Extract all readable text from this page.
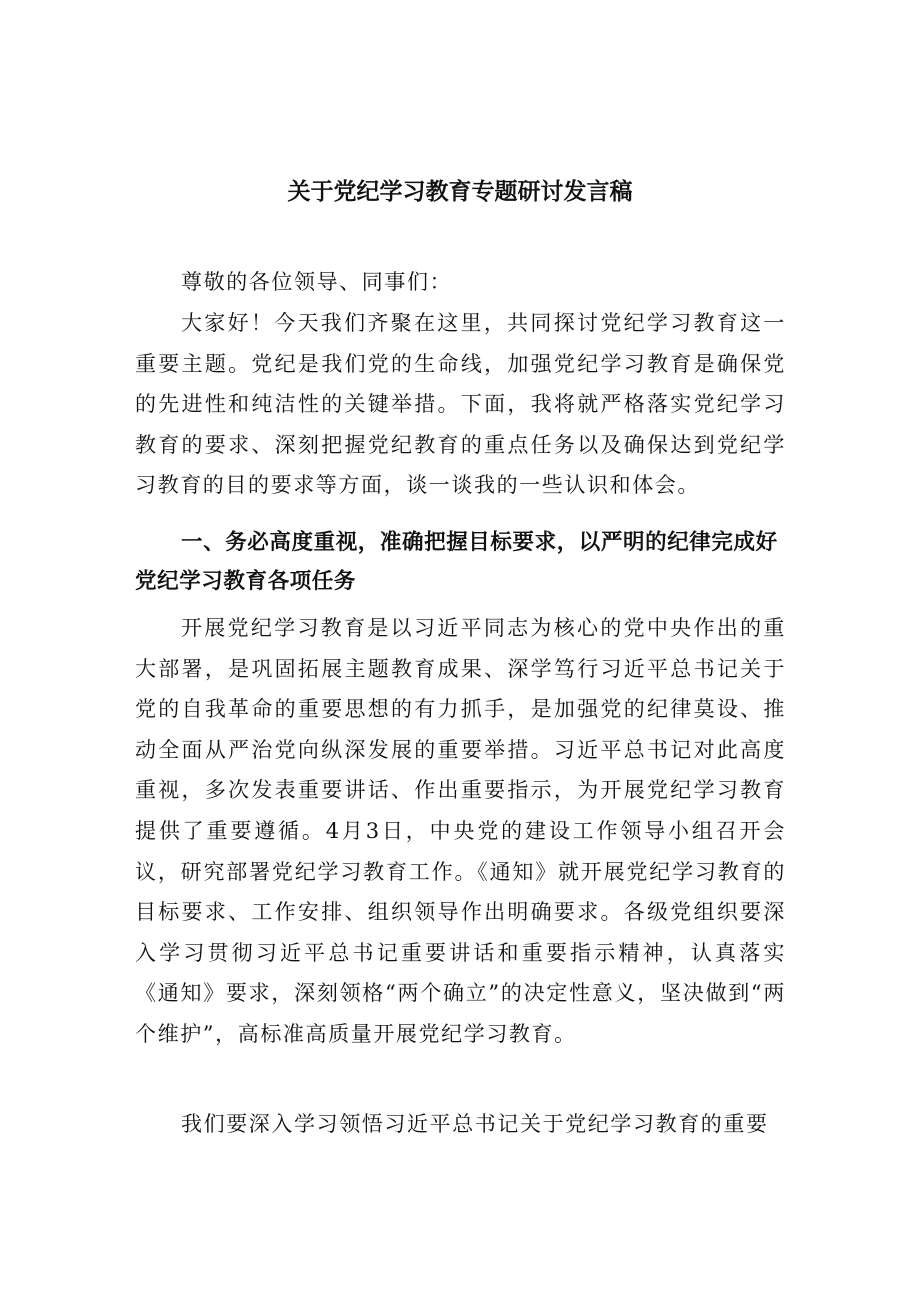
关于党纪学习教育专题研讨发言稿

尊敬的各位领导、同事们：

大家好！今天我们齐聚在这里，共同探讨党纪学习教育这一重要主题。党纪是我们党的生命线，加强党纪学习教育是确保党的先进性和纯洁性的关键举措。下面，我将就严格落实党纪学习教育的要求、深刻把握党纪教育的重点任务以及确保达到党纪学习教育的目的要求等方面，谈一谈我的一些认识和体会。

一、务必高度重视，准确把握目标要求，以严明的纪律完成好党纪学习教育各项任务

开展党纪学习教育是以习近平同志为核心的党中央作出的重大部署，是巩固拓展主题教育成果、深学笃行习近平总书记关于党的自我革命的重要思想的有力抓手，是加强党的纪律莫设、推动全面从严治党向纵深发展的重要举措。习近平总书记对此高度重视，多次发表重要讲话、作出重要指示，为开展党纪学习教育提供了重要遵循。4月3日，中央党的建设工作领导小组召开会议，研究部署党纪学习教育工作。《通知》就开展党纪学习教育的目标要求、工作安排、组织领导作出明确要求。各级党组织要深入学习贯彻习近平总书记重要讲话和重要指示精神，认真落实《通知》要求，深刻领格“两个确立”的决定性意义，坚决做到“两个维护”，高标准高质量开展党纪学习教育。

我们要深入学习领悟习近平总书记关于党纪学习教育的重要
